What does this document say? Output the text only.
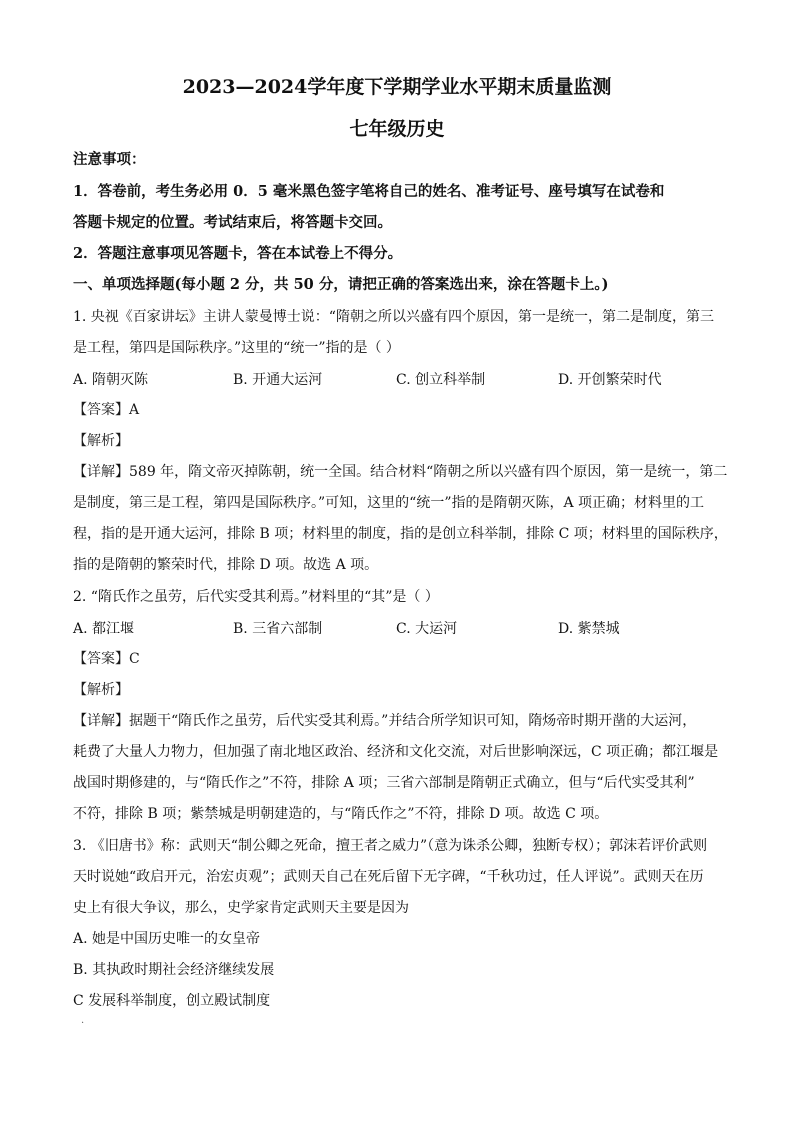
2023—2024学年度下学期学业水平期末质量监测
七年级历史
注意事项：
1．答卷前，考生务必用 0．5 毫米黑色签字笔将自己的姓名、准考证号、座号填写在试卷和
答题卡规定的位置。考试结束后，将答题卡交回。
2．答题注意事项见答题卡，答在本试卷上不得分。
一、单项选择题(每小题 2 分，共 50 分，请把正确的答案选出来，涂在答题卡上。)
1. 央视《百家讲坛》主讲人蒙曼博士说：“隋朝之所以兴盛有四个原因，第一是统一，第二是制度，第三
是工程，第四是国际秩序。”这里的“统一”指的是（ ）
A. 隋朝灭陈	B. 开通大运河	C. 创立科举制	D. 开创繁荣时代
【答案】A
【解析】
【详解】589 年，隋文帝灭掉陈朝，统一全国。结合材料“隋朝之所以兴盛有四个原因，第一是统一，第二
是制度，第三是工程，第四是国际秩序。”可知，这里的“统一”指的是隋朝灭陈，A 项正确；材料里的工
程，指的是开通大运河，排除 B 项；材料里的制度，指的是创立科举制，排除 C 项；材料里的国际秩序，
指的是隋朝的繁荣时代，排除 D 项。故选 A 项。
2. “隋氏作之虽劳，后代实受其利焉。”材料里的“其”是（ ）
A. 都江堰	B. 三省六部制	C. 大运河	D. 紫禁城
【答案】C
【解析】
【详解】据题干“隋氏作之虽劳，后代实受其利焉。”并结合所学知识可知，隋炀帝时期开凿的大运河，
耗费了大量人力物力，但加强了南北地区政治、经济和文化交流，对后世影响深远，C 项正确；都江堰是
战国时期修建的，与“隋氏作之”不符，排除 A 项；三省六部制是隋朝正式确立，但与“后代实受其利”
不符，排除 B 项；紫禁城是明朝建造的，与“隋氏作之”不符，排除 D 项。故选 C 项。
3. 《旧唐书》称：武则天“制公卿之死命，擅王者之威力”（意为诛杀公卿，独断专权）；郭沫若评价武则
天时说她“政启开元，治宏贞观”；武则天自己在死后留下无字碑，“千秋功过，任人评说”。武则天在历
史上有很大争议，那么，史学家肯定武则天主要是因为
A. 她是中国历史唯一的女皇帝
B. 其执政时期社会经济继续发展
C 发展科举制度，创立殿试制度
·
